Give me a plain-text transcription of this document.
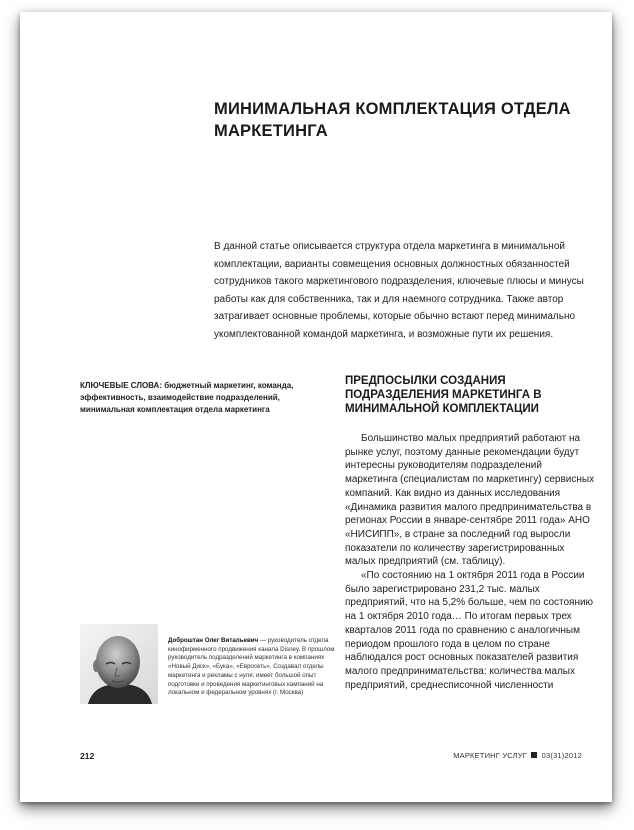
МИНИМАЛЬНАЯ КОМПЛЕКТАЦИЯ ОТДЕЛА МАРКЕТИНГА

В данной статье описывается структура отдела маркетинга в минимальной комплектации, варианты совмещения основных должностных обязанностей сотрудников такого маркетингового подразделения, ключевые плюсы и минусы работы как для собственника, так и для наемного сотрудника. Также автор затрагивает основные проблемы, которые обычно встают перед минимально укомплектованной командой маркетинга, и возможные пути их решения.

КЛЮЧЕВЫЕ СЛОВА: бюджетный маркетинг, команда, эффективность, взаимодействие подразделений, минимальная комплектация отдела маркетинга
ПРЕДПОСЫЛКИ СОЗДАНИЯ ПОДРАЗДЕЛЕНИЯ МАРКЕТИНГА В МИНИМАЛЬНОЙ КОМПЛЕКТАЦИИ

Большинство малых предприятий работают на рынке услуг, поэтому данные рекомендации будут интересны руководителям подразделений маркетинга (специалистам по маркетингу) сервисных компаний. Как видно из данных исследования «Динамика развития малого предпринимательства в регионах России в январе-сентябре 2011 года» АНО «НИСИПП», в стране за последний год выросли показатели по количеству зарегистрированных малых предприятий (см. таблицу).

«По состоянию на 1 октября 2011 года в России было зарегистрировано 231,2 тыс. малых предприятий, что на 5,2% больше, чем по состоянию на 1 октября 2010 года… По итогам первых трех кварталов 2011 года по сравнению с аналогичным периодом прошлого года в целом по стране наблюдался рост основных показателей развития малого предпринимательства: количества малых предприятий, среднесписочной численности

Доброштан Олег Витальевич — руководитель отдела кинофирменного продвижения канала Disney. В прошлом руководитель подразделений маркетинга в компаниях «Новый Диск», «Бука», «Евросеть». Создавал отделы маркетинга и рекламы с нуля, имеет большой опыт подготовки и проведения маркетинговых кампаний на локальном и федеральном уровнях (г. Москва)
212	МАРКЕТИНГ УСЛУГ 03(31)2012
